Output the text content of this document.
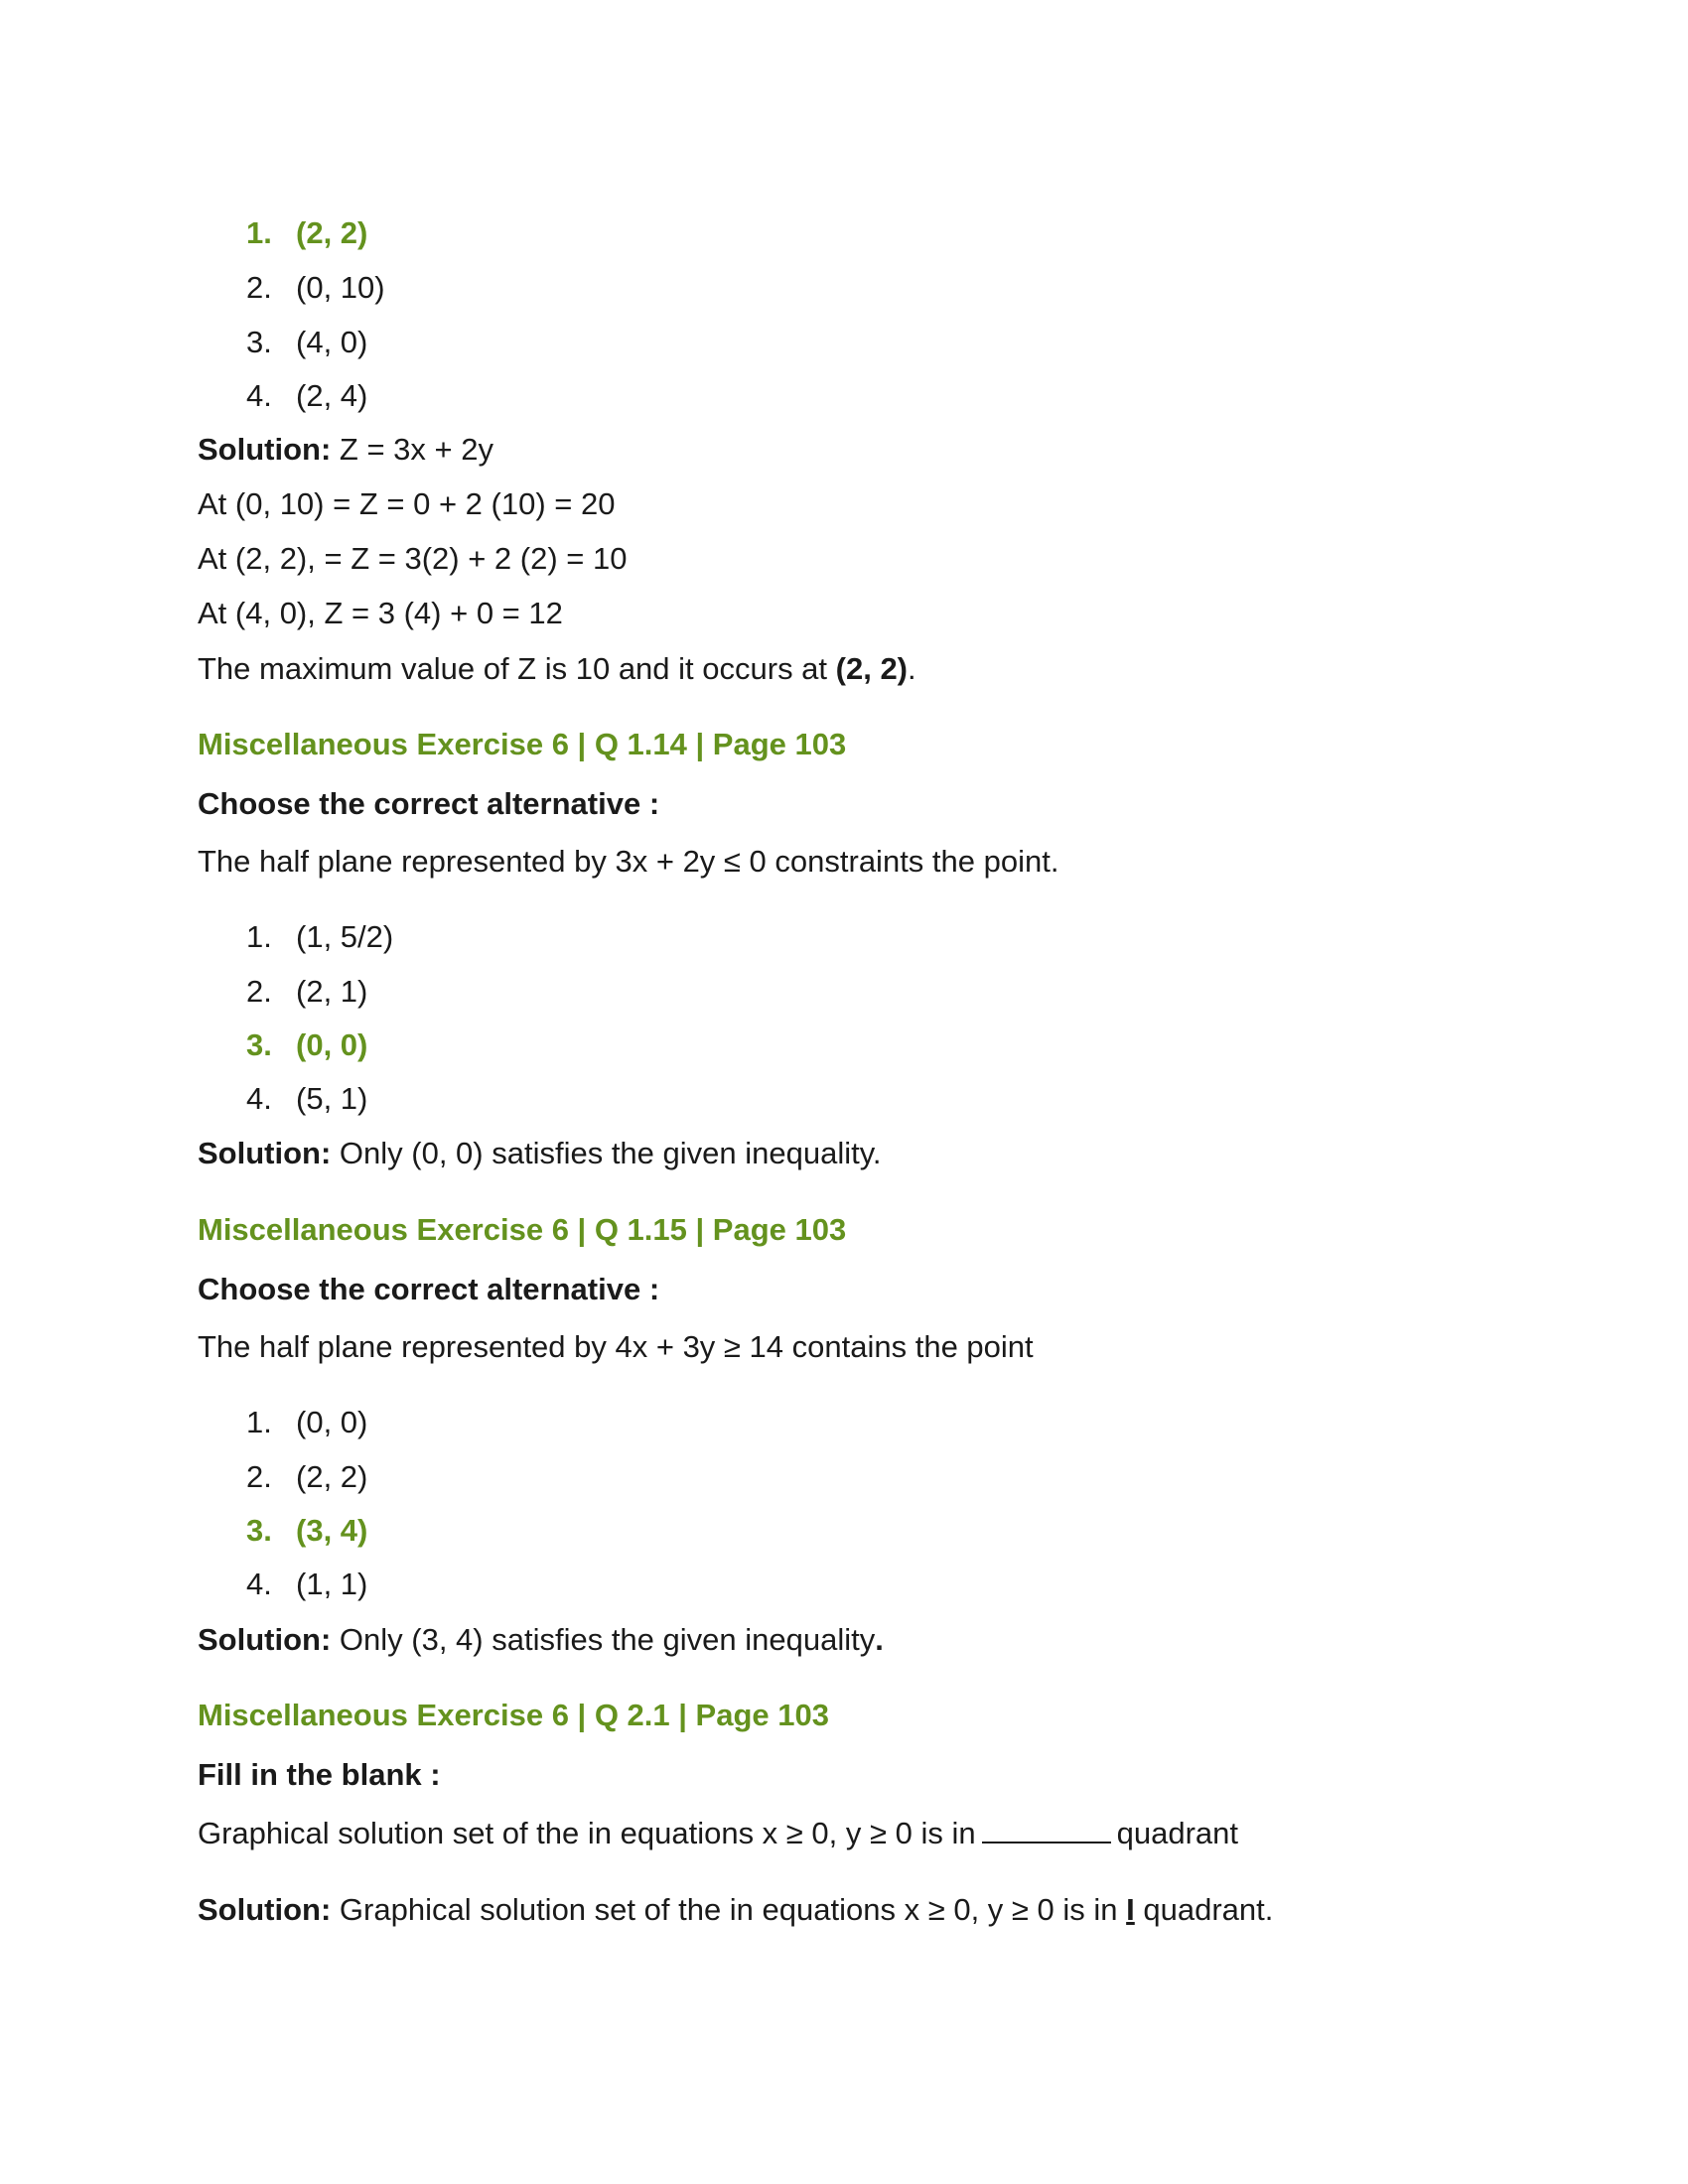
1. (2, 2)
2. (0, 10)
3. (4, 0)
4. (2, 4)
Solution: Z = 3x + 2y
At (0, 10) = Z = 0 + 2 (10) = 20
At (2, 2), = Z = 3(2) + 2 (2) = 10
At (4, 0), Z = 3 (4) + 0 = 12
The maximum value of Z is 10 and it occurs at (2, 2).
Miscellaneous Exercise 6 | Q 1.14 | Page 103
Choose the correct alternative :
The half plane represented by 3x + 2y ≤ 0 constraints the point.
1. (1, 5/2)
2. (2, 1)
3. (0, 0)
4. (5, 1)
Solution: Only (0, 0) satisfies the given inequality.
Miscellaneous Exercise 6 | Q 1.15 | Page 103
Choose the correct alternative :
The half plane represented by 4x + 3y ≥ 14 contains the point
1. (0, 0)
2. (2, 2)
3. (3, 4)
4. (1, 1)
Solution: Only (3, 4) satisfies the given inequality.
Miscellaneous Exercise 6 | Q 2.1 | Page 103
Fill in the blank :
Graphical solution set of the in equations x ≥ 0, y ≥ 0 is in	quadrant
Solution: Graphical solution set of the in equations x ≥ 0, y ≥ 0 is in I quadrant.
